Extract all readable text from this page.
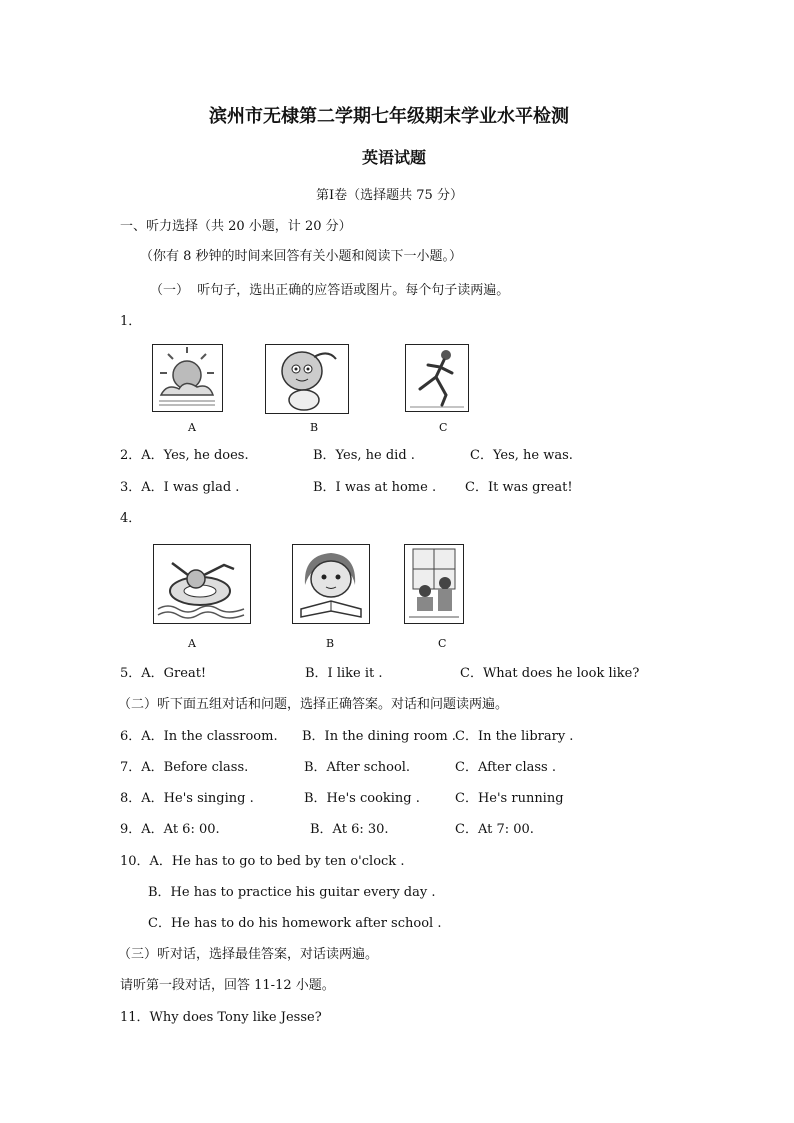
滨州市无棣第二学期七年级期末学业水平检测
英语试题
第Ⅰ卷（选择题共 75 分）
一、听力选择（共 20 小题，计 20 分）
（你有 8 秒钟的时间来回答有关小题和阅读下一小题。）
（一）  听句子，选出正确的应答语或图片。每个句子读两遍。
1．
A	B	C
2．A．Yes, he does.	B．Yes, he did .	C．Yes, he was.
3．A．I was glad .	B．I was at home . C．It was great!
4．
A	B	C
5．A．Great!	B．I like it .	C．What does he look like?
（二）听下面五组对话和问题，选择正确答案。对话和问题读两遍。
6．A．In the classroom. B．In the dining room . C．In the library .
7．A．Before class.	B．After school.	C．After class .
8．A．He's singing .	B．He's cooking .	C．He's running
9．A．At 6: 00.	B．At 6: 30.	C．At 7: 00.
10．A．He has to go to bed by ten o'clock .
B．He has to practice his guitar every day .
C．He has to do his homework after school .
（三）听对话，选择最佳答案，对话读两遍。
请听第一段对话，回答 11-12 小题。
11．Why does Tony like Jesse?
